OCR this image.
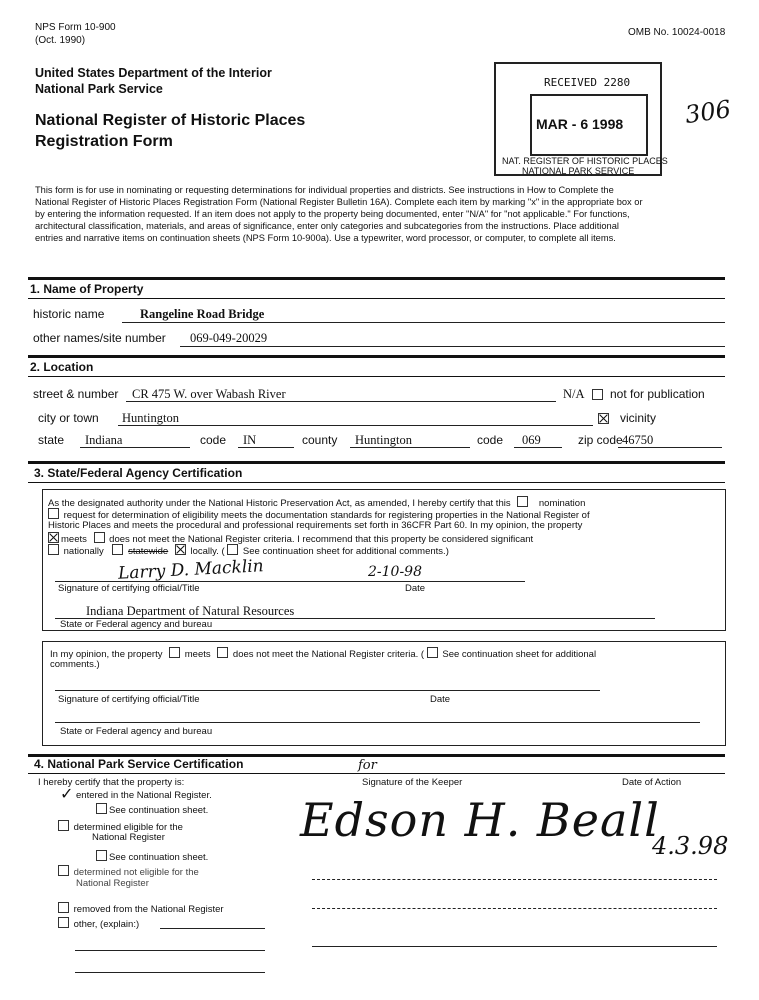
NPS Form 10-900
(Oct. 1990)
OMB No. 10024-0018
United States Department of the Interior
National Park Service
National Register of Historic Places
Registration Form
RECEIVED 2280
MAR - 6 1998
NAT. REGISTER OF HISTORIC PLACES
NATIONAL PARK SERVICE
306
This form is for use in nominating or requesting determinations for individual properties and districts. See instructions in How to Complete the
National Register of Historic Places Registration Form (National Register Bulletin 16A). Complete each item by marking "x" in the appropriate box or
by entering the information requested. If an item does not apply to the property being documented, enter "N/A" for "not applicable." For functions,
architectural classification, materials, and areas of significance, enter only categories and subcategories from the instructions. Place additional
entries and narrative items on continuation sheets (NPS Form 10-900a). Use a typewriter, word processor, or computer, to complete all items.
1. Name of Property
historic name	Rangeline Road Bridge
other names/site number 069-049-20029
2. Location
street & number CR 475 W. over Wabash River	N/A not for publication
city or town Huntington	vicinity
state Indiana	code IN	county Huntington	code 069	zip code 46750
3. State/Federal Agency Certification
As the designated authority under the National Historic Preservation Act, as amended, I hereby certify that this	nomination
request for determination of eligibility meets the documentation standards for registering properties in the National Register of
Historic Places and meets the procedural and professional requirements set forth in 36CFR Part 60. In my opinion, the property
meets does not meet the National Register criteria. I recommend that this property be considered significant
nationally	statewide locally. ( See continuation sheet for additional comments.)
Larry D. Macklin	2-10-98
Signature of certifying official/Title	Date
Indiana Department of Natural Resources
State or Federal agency and bureau
In my opinion, the property meets does not meet the National Register criteria. ( See continuation sheet for additional
comments.)
Signature of certifying official/Title	Date
State or Federal agency and bureau
4. National Park Service Certification
I hereby certify that the property is:
for
Signature of the Keeper	Date of Action
✓ entered in the National Register.
See continuation sheet.
determined eligible for the
National Register
See continuation sheet.
determined not eligible for the
National Register
removed from the National Register
other, (explain:)
Edson H. Beall
4.3.98
